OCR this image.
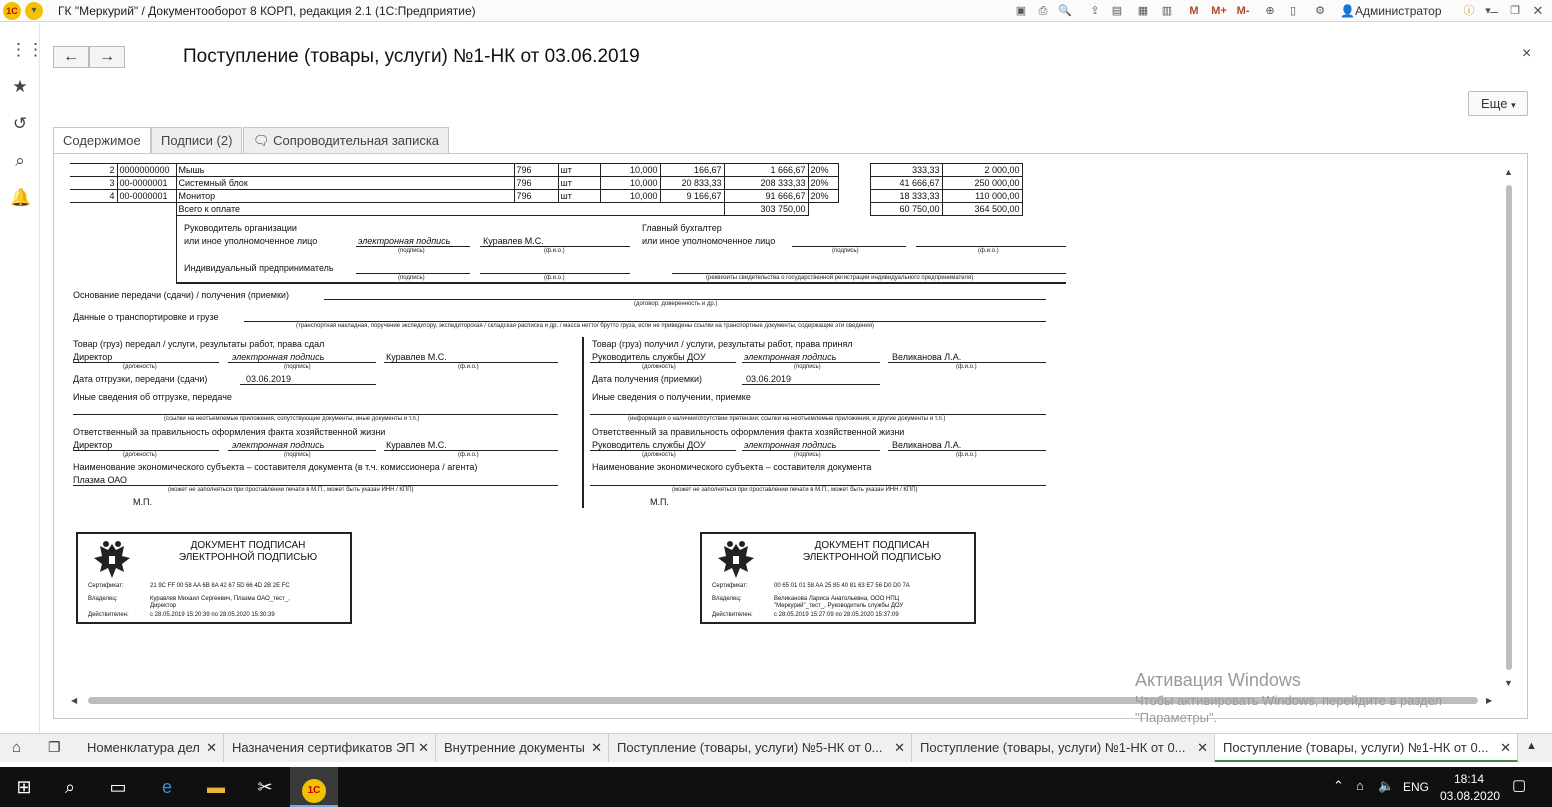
1С	▾	ГК "Меркурий" / Документооборот 8 КОРП, редакция 2.1 (1С:Предприятие)	▣	⎙ 🔍	⇪	▤ ▦ ▥	M	M+ M-	⊕	▯	⚙ 👤Администратор ⓘ ▾ –	❐ ✕
⋮⋮
★
↺
⌕
🔔
←	→	Поступление (товары, услуги) №1-НК от 03.06.2019	×
Еще ▾
Содержимое	Подписи (2)	🗨 Сопроводительная записка
2	0000000000	Мышь	796	шт	10,000	166,67	1 666,67	20%		333,33	2 000,00
3	00-0000001	Системный блок	796	шт	10,000	20 833,33	208 333,33	20%		41 666,67	250 000,00
4	00-0000001	Монитор	796	шт	10,000	9 166,67	91 666,67	20%		18 333,33	110 000,00
		Всего к оплате					303 750,00			60 750,00	364 500,00
Руководитель организации
или иное уполномоченное лицо	электронная подпись	Куравлев М.С.
(подпись)	(ф.и.о.)
Главный бухгалтер
или иное уполномоченное лицо
(подпись)	(ф.и.о.)
Индивидуальный предприниматель
(подпись)	(ф.и.о.)	(реквизиты свидетельства о государственной регистрации индивидуального предпринимателя)
Основание передачи (сдачи) / получения (приемки)
(договор; доверенность и др.)
Данные о транспортировке и грузе
(транспортная накладная, поручение экспедитору, экспедиторская / складская расписка и др. / масса нетто/ брутто груза, если не приведены ссылки на транспортные документы, содержащие эти сведения)
Товар (груз) передал / услуги, результаты работ, права сдал
Директор	электронная подпись	Куравлев М.С.
(должность)	(подпись)	(ф.и.о.)
Дата отгрузки, передачи (сдачи)	03.06.2019
Иные сведения об отгрузке, передаче
(ссылки на неотъемлемые приложения, сопутствующие документы, иные документы и т.п.)
Ответственный за правильность оформления факта хозяйственной жизни
Директор	электронная подпись	Куравлев М.С.
(должность)	(подпись)	(ф.и.о.)
Наименование экономического субъекта – составителя документа (в т.ч. комиссионера / агента)
Плазма ОАО
(может не заполняться при проставлении печати в М.П., может быть указан ИНН / КПП)
М.П.
Товар (груз) получил / услуги, результаты работ, права принял
Руководитель службы ДОУ	электронная подпись	Великанова Л.А.
(должность)	(подпись)	(ф.и.о.)
Дата получения (приемки)	03.06.2019
Иные сведения о получении, приемке
(информация о наличии/отсутствии претензии; ссылки на неотъемлемые приложения, и другие документы и т.п.)
Ответственный за правильность оформления факта хозяйственной жизни
Руководитель службы ДОУ	электронная подпись	Великанова Л.А.
(должность)	(подпись)	(ф.и.о.)
Наименование экономического субъекта – составителя документа
(может не заполняться при проставлении печати в М.П., может быть указан ИНН / КПП)
М.П.
ДОКУМЕНТ ПОДПИСАН
ЭЛЕКТРОННОЙ ПОДПИСЬЮ
Сертификат:	21 9C FF 00 58 AA 6B 8A 42 67 5D 66 4D 2B 2E FC
Владелец:	Куравлев Михаил Сергеевич, Плазма ОАО_тест_,
Директор
Действителен:	с 28.05.2019 15:20:39 по 28.05.2020 15:30:39
ДОКУМЕНТ ПОДПИСАН
ЭЛЕКТРОННОЙ ПОДПИСЬЮ
Сертификат:	00 65 01 01 58 AA 25 85 40 81 63 E7 56 D0 D0 7A
Владелец:	Великанова Лариса Анатольевна, ООО НПЦ
"Меркурий"_тест_, Руководитель службы ДОУ
Действителен:	с 28.05.2019 15:27:09 по 28.05.2020 15:37:09
▲
▼
◀	▶
Активация Windows
Чтобы активировать Windows, перейдите в раздел
"Параметры".
⌂ ❐	Номенклатура дел ✕	Назначения сертификатов ЭП ✕	Внутренние документы ✕	Поступление (товары, услуги) №5-НК от 0... ✕	Поступление (товары, услуги) №1-НК от 0... ✕	Поступление (товары, услуги) №1-НК от 0... ✕ ▲
⊞	⌕	▭	e	▬	✂	1С	⌃ ⌂ 🔈 ENG
18:14
03.08.2020
▢
